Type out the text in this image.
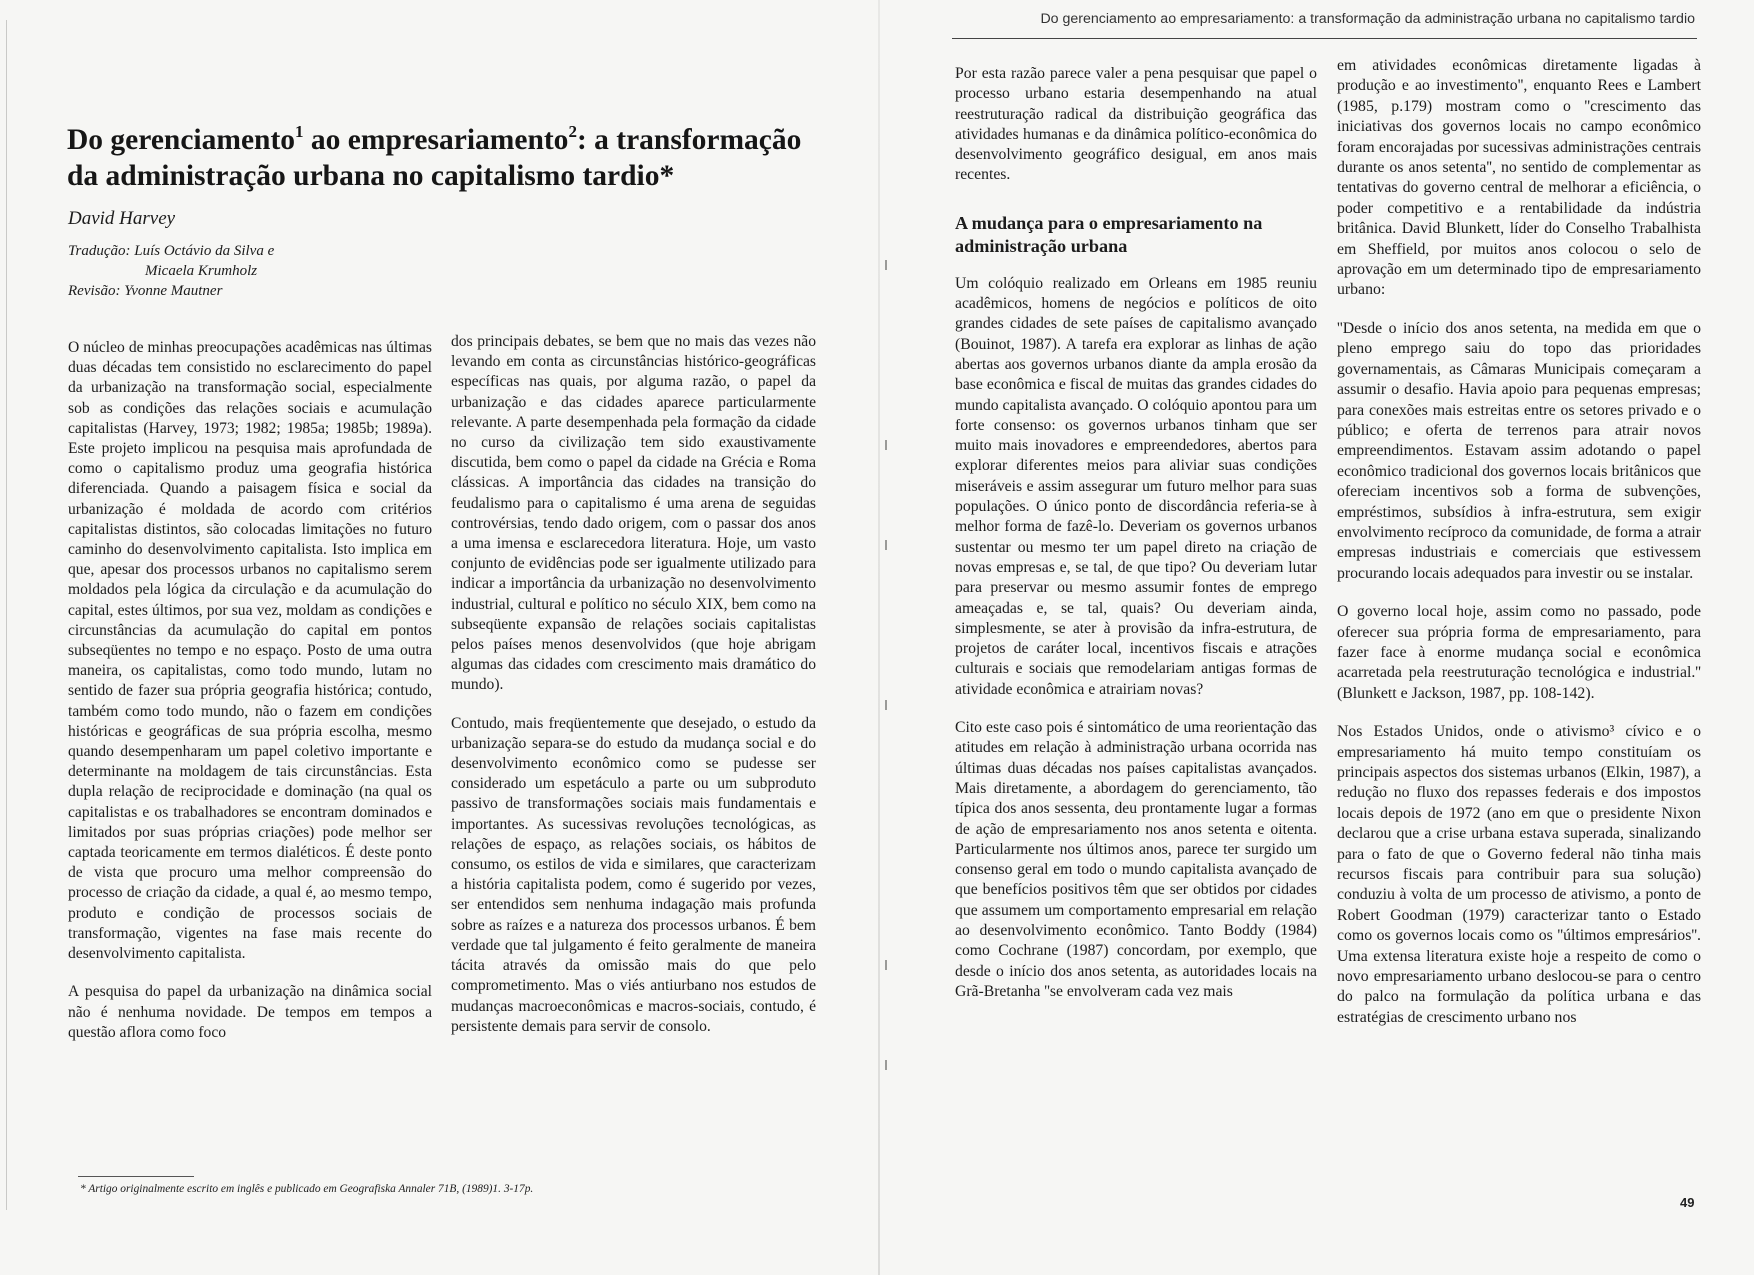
Do gerenciamento$^1$ ao empresariamento$^2$: a transformação da administração urbana no capitalismo tardio*

David Harvey

Tradução: Luís Octávio da Silva e
Micaela Krumholz
Revisão: Yvonne Mautner

O núcleo de minhas preocupações acadêmicas nas últimas duas décadas tem consistido no esclarecimento do papel da urbanização na transformação social, especialmente sob as condições das relações sociais e acumulação capitalistas (Harvey, 1973; 1982; 1985a; 1985b; 1989a). Este projeto implicou na pesquisa mais aprofundada de como o capitalismo produz uma geografia histórica diferenciada. Quando a paisagem física e social da urbanização é moldada de acordo com critérios capitalistas distintos, são colocadas limitações no futuro caminho do desenvolvimento capitalista. Isto implica em que, apesar dos processos urbanos no capitalismo serem moldados pela lógica da circulação e da acumulação do capital, estes últimos, por sua vez, moldam as condições e circunstâncias da acumulação do capital em pontos subseqüentes no tempo e no espaço. Posto de uma outra maneira, os capitalistas, como todo mundo, lutam no sentido de fazer sua própria geografia histórica; contudo, também como todo mundo, não o fazem em condições históricas e geográficas de sua própria escolha, mesmo quando desempenharam um papel coletivo importante e determinante na moldagem de tais circunstâncias. Esta dupla relação de reciprocidade e dominação (na qual os capitalistas e os trabalhadores se encontram dominados e limitados por suas próprias criações) pode melhor ser captada teoricamente em termos dialéticos. É deste ponto de vista que procuro uma melhor compreensão do processo de criação da cidade, a qual é, ao mesmo tempo, produto e condição de processos sociais de transformação, vigentes na fase mais recente do desenvolvimento capitalista.

A pesquisa do papel da urbanização na dinâmica social não é nenhuma novidade. De tempos em tempos a questão aflora como foco

dos principais debates, se bem que no mais das vezes não levando em conta as circunstâncias histórico-geográficas específicas nas quais, por alguma razão, o papel da urbanização e das cidades aparece particularmente relevante. A parte desempenhada pela formação da cidade no curso da civilização tem sido exaustivamente discutida, bem como o papel da cidade na Grécia e Roma clássicas. A importância das cidades na transição do feudalismo para o capitalismo é uma arena de seguidas controvérsias, tendo dado origem, com o passar dos anos a uma imensa e esclarecedora literatura. Hoje, um vasto conjunto de evidências pode ser igualmente utilizado para indicar a importância da urbanização no desenvolvimento industrial, cultural e político no século XIX, bem como na subseqüente expansão de relações sociais capitalistas pelos países menos desenvolvidos (que hoje abrigam algumas das cidades com crescimento mais dramático do mundo).

Contudo, mais freqüentemente que desejado, o estudo da urbanização separa-se do estudo da mudança social e do desenvolvimento econômico como se pudesse ser considerado um espetáculo a parte ou um subproduto passivo de transformações sociais mais fundamentais e importantes. As sucessivas revoluções tecnológicas, as relações de espaço, as relações sociais, os hábitos de consumo, os estilos de vida e similares, que caracterizam a história capitalista podem, como é sugerido por vezes, ser entendidos sem nenhuma indagação mais profunda sobre as raízes e a natureza dos processos urbanos. É bem verdade que tal julgamento é feito geralmente de maneira tácita através da omissão mais do que pelo comprometimento. Mas o viés antiurbano nos estudos de mudanças macroeconômicas e macros-sociais, contudo, é persistente demais para servir de consolo.

* Artigo originalmente escrito em inglês e publicado em Geografiska Annaler 71B, (1989)1. 3-17p.
Do gerenciamento ao empresariamento: a transformação da administração urbana no capitalismo tardio

Por esta razão parece valer a pena pesquisar que papel o processo urbano estaria desempenhando na atual reestruturação radical da distribuição geográfica das atividades humanas e da dinâmica político-econômica do desenvolvimento geográfico desigual, em anos mais recentes.

A mudança para o empresariamento na administração urbana

Um colóquio realizado em Orleans em 1985 reuniu acadêmicos, homens de negócios e políticos de oito grandes cidades de sete países de capitalismo avançado (Bouinot, 1987). A tarefa era explorar as linhas de ação abertas aos governos urbanos diante da ampla erosão da base econômica e fiscal de muitas das grandes cidades do mundo capitalista avançado. O colóquio apontou para um forte consenso: os governos urbanos tinham que ser muito mais inovadores e empreendedores, abertos para explorar diferentes meios para aliviar suas condições miseráveis e assim assegurar um futuro melhor para suas populações. O único ponto de discordância referia-se à melhor forma de fazê-lo. Deveriam os governos urbanos sustentar ou mesmo ter um papel direto na criação de novas empresas e, se tal, de que tipo? Ou deveriam lutar para preservar ou mesmo assumir fontes de emprego ameaçadas e, se tal, quais? Ou deveriam ainda, simplesmente, se ater à provisão da infra-estrutura, de projetos de caráter local, incentivos fiscais e atrações culturais e sociais que remodelariam antigas formas de atividade econômica e atrairiam novas?

Cito este caso pois é sintomático de uma reorientação das atitudes em relação à administração urbana ocorrida nas últimas duas décadas nos países capitalistas avançados. Mais diretamente, a abordagem do gerenciamento, tão típica dos anos sessenta, deu prontamente lugar a formas de ação de empresariamento nos anos setenta e oitenta. Particularmente nos últimos anos, parece ter surgido um consenso geral em todo o mundo capitalista avançado de que benefícios positivos têm que ser obtidos por cidades que assumem um comportamento empresarial em relação ao desenvolvimento econômico. Tanto Boddy (1984) como Cochrane (1987) concordam, por exemplo, que desde o início dos anos setenta, as autoridades locais na Grã-Bretanha ''se envolveram cada vez mais

em atividades econômicas diretamente ligadas à produção e ao investimento'', enquanto Rees e Lambert (1985, p.179) mostram como o ''crescimento das iniciativas dos governos locais no campo econômico foram encorajadas por sucessivas administrações centrais durante os anos setenta'', no sentido de complementar as tentativas do governo central de melhorar a eficiência, o poder competitivo e a rentabilidade da indústria britânica. David Blunkett, líder do Conselho Trabalhista em Sheffield, por muitos anos colocou o selo de aprovação em um determinado tipo de empresariamento urbano:

''Desde o início dos anos setenta, na medida em que o pleno emprego saiu do topo das prioridades governamentais, as Câmaras Municipais começaram a assumir o desafio. Havia apoio para pequenas empresas; para conexões mais estreitas entre os setores privado e o público; e oferta de terrenos para atrair novos empreendimentos. Estavam assim adotando o papel econômico tradicional dos governos locais britânicos que ofereciam incentivos sob a forma de subvenções, empréstimos, subsídios à infra-estrutura, sem exigir envolvimento recíproco da comunidade, de forma a atrair empresas industriais e comerciais que estivessem procurando locais adequados para investir ou se instalar.

O governo local hoje, assim como no passado, pode oferecer sua própria forma de empresariamento, para fazer face à enorme mudança social e econômica acarretada pela reestruturação tecnológica e industrial.'' (Blunkett e Jackson, 1987, pp. 108-142).

Nos Estados Unidos, onde o ativismo³ cívico e o empresariamento há muito tempo constituíam os principais aspectos dos sistemas urbanos (Elkin, 1987), a redução no fluxo dos repasses federais e dos impostos locais depois de 1972 (ano em que o presidente Nixon declarou que a crise urbana estava superada, sinalizando para o fato de que o Governo federal não tinha mais recursos fiscais para contribuir para sua solução) conduziu à volta de um processo de ativismo, a ponto de Robert Goodman (1979) caracterizar tanto o Estado como os governos locais como os ''últimos empresários''. Uma extensa literatura existe hoje a respeito de como o novo empresariamento urbano deslocou-se para o centro do palco na formulação da política urbana e das estratégias de crescimento urbano nos

49
